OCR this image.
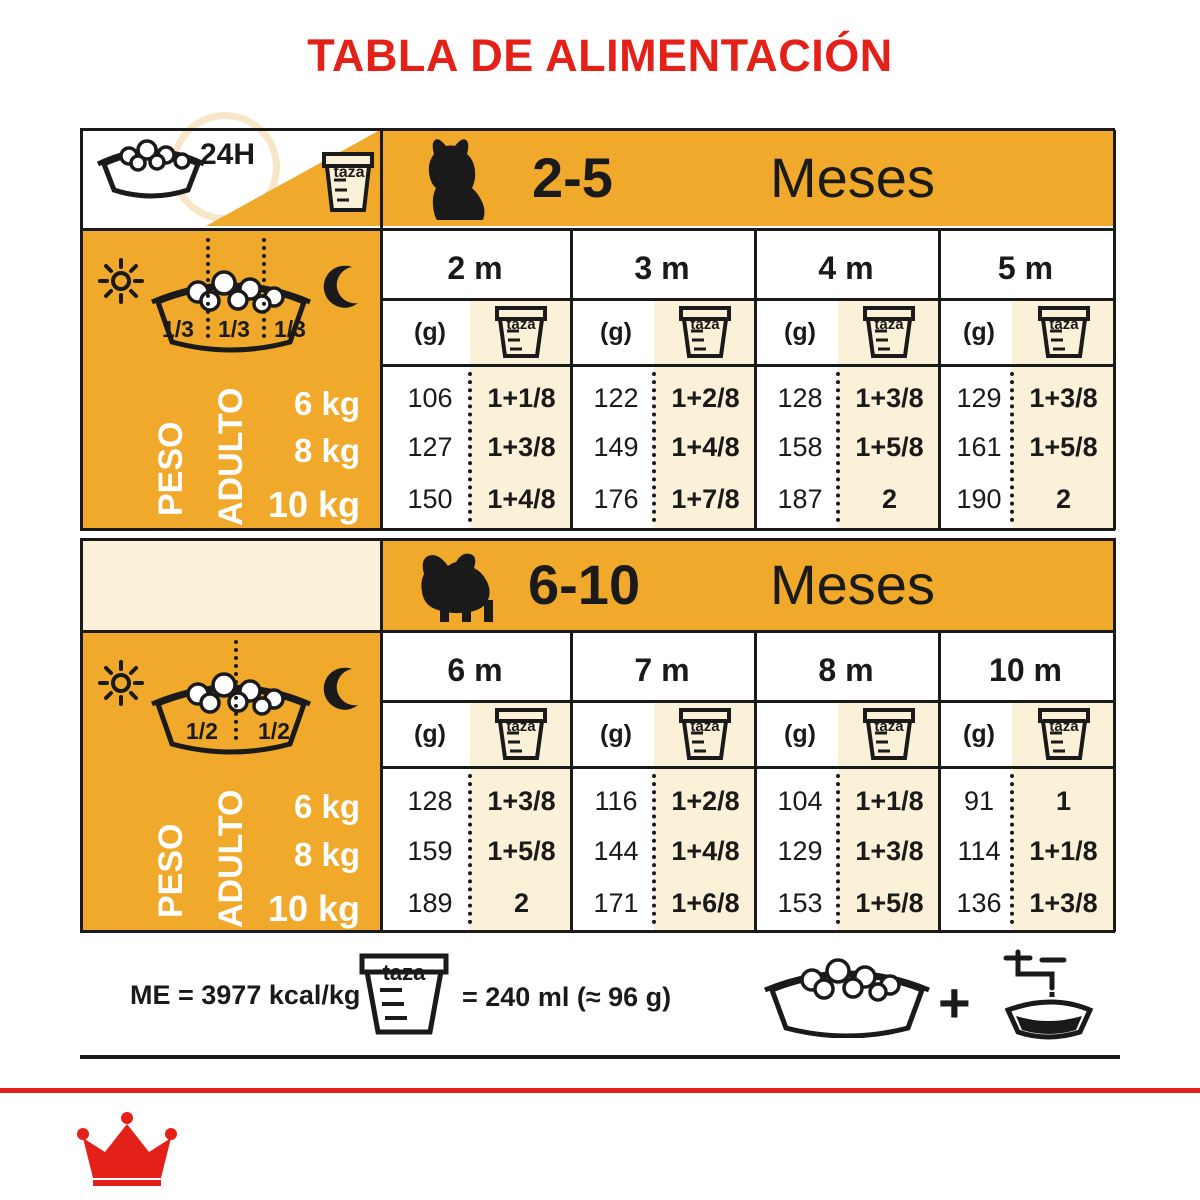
TABLA DE ALIMENTACIÓN
24H
taza	2-5	Meses
1/3 1/3 1/3
PESO ADULTO	6 kg
8 kg
10 kg
2 m	3 m	4 m	5 m
(g)	(g)	(g)	(g)
taza	taza	taza	taza
106	1+1/8	122	1+2/8	128	1+3/8	129	1+3/8
127	1+3/8	149	1+4/8	158	1+5/8	161	1+5/8
150	1+4/8	176	1+7/8	187	2	190	2
6-10 Meses
1/2 1/2
PESO ADULTO	6 kg
8 kg
10 kg
6 m	7 m	8 m	10 m
(g)	(g)	(g)	(g)
taza	taza	taza	taza
128	1+3/8	116	1+2/8	104	1+1/8	91	1
159	1+5/8	144	1+4/8	129	1+3/8	114	1+1/8
189	2	171	1+6/8	153	1+5/8	136	1+3/8
ME = 3977 kcal/kg
taza
= 240 ml (≈ 96 g)	+
